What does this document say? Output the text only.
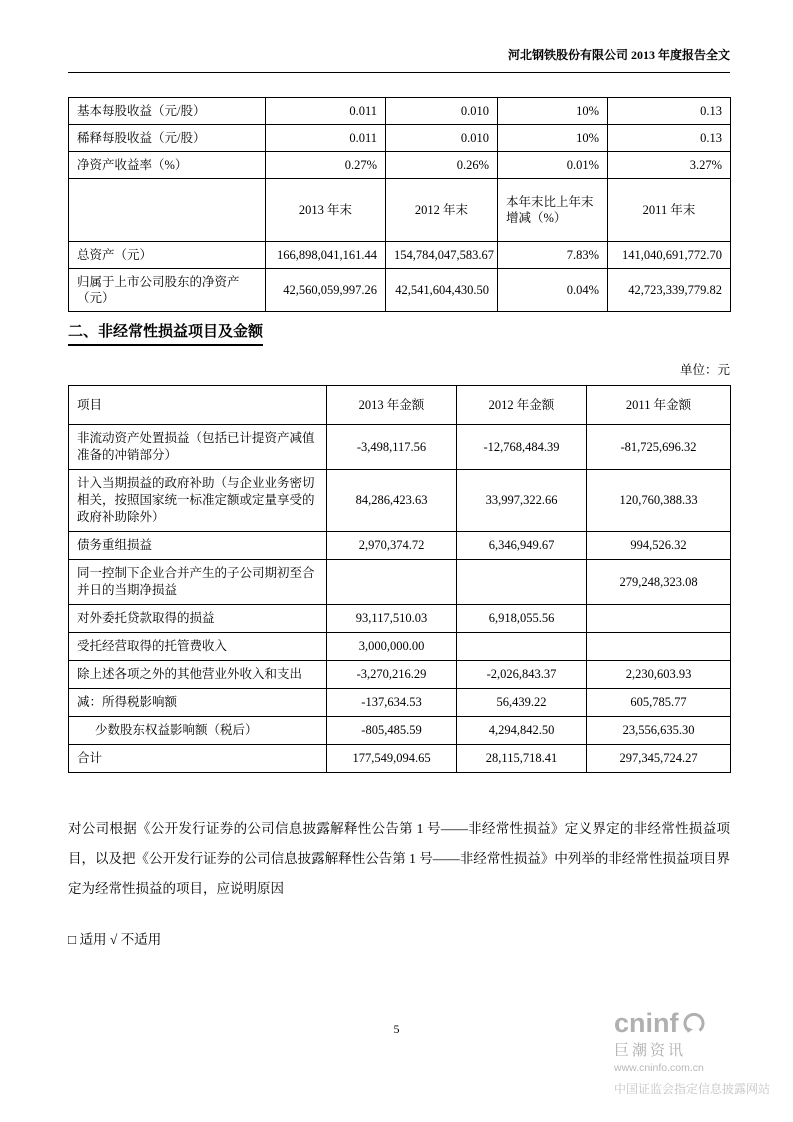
河北钢铁股份有限公司 2013 年度报告全文
基本每股收益（元/股）	0.011	0.010	10%	0.13
稀释每股收益（元/股）	0.011	0.010	10%	0.13
净资产收益率（%）	0.27%	0.26%	0.01%	3.27%
	2013 年末	2012 年末	本年末比上年末增减（%）	2011 年末
总资产（元）	166,898,041,161.44	154,784,047,583.67	7.83%	141,040,691,772.70
归属于上市公司股东的净资产（元）	42,560,059,997.26	42,541,604,430.50	0.04%	42,723,339,779.82
二、非经常性损益项目及金额
单位：元
项目	2013 年金额	2012 年金额	2011 年金额
非流动资产处置损益（包括已计提资产减值准备的冲销部分）	-3,498,117.56	-12,768,484.39	-81,725,696.32
计入当期损益的政府补助（与企业业务密切相关，按照国家统一标准定额或定量享受的政府补助除外）	84,286,423.63	33,997,322.66	120,760,388.33
债务重组损益	2,970,374.72	6,346,949.67	994,526.32
同一控制下企业合并产生的子公司期初至合并日的当期净损益			279,248,323.08
对外委托贷款取得的损益	93,117,510.03	6,918,055.56	
受托经营取得的托管费收入	3,000,000.00		
除上述各项之外的其他营业外收入和支出	-3,270,216.29	-2,026,843.37	2,230,603.93
减：所得税影响额	-137,634.53	56,439.22	605,785.77
少数股东权益影响额（税后）	-805,485.59	4,294,842.50	23,556,635.30
合计	177,549,094.65	28,115,718.41	297,345,724.27
对公司根据《公开发行证券的公司信息披露解释性公告第 1 号——非经常性损益》定义界定的非经常性损益项目，以及把《公开发行证券的公司信息披露解释性公告第 1 号——非经常性损益》中列举的非经常性损益项目界定为经常性损益的项目，应说明原因
□ 适用 √ 不适用
5	cninf
巨潮资讯
www.cninfo.com.cn
中国证监会指定信息披露网站
